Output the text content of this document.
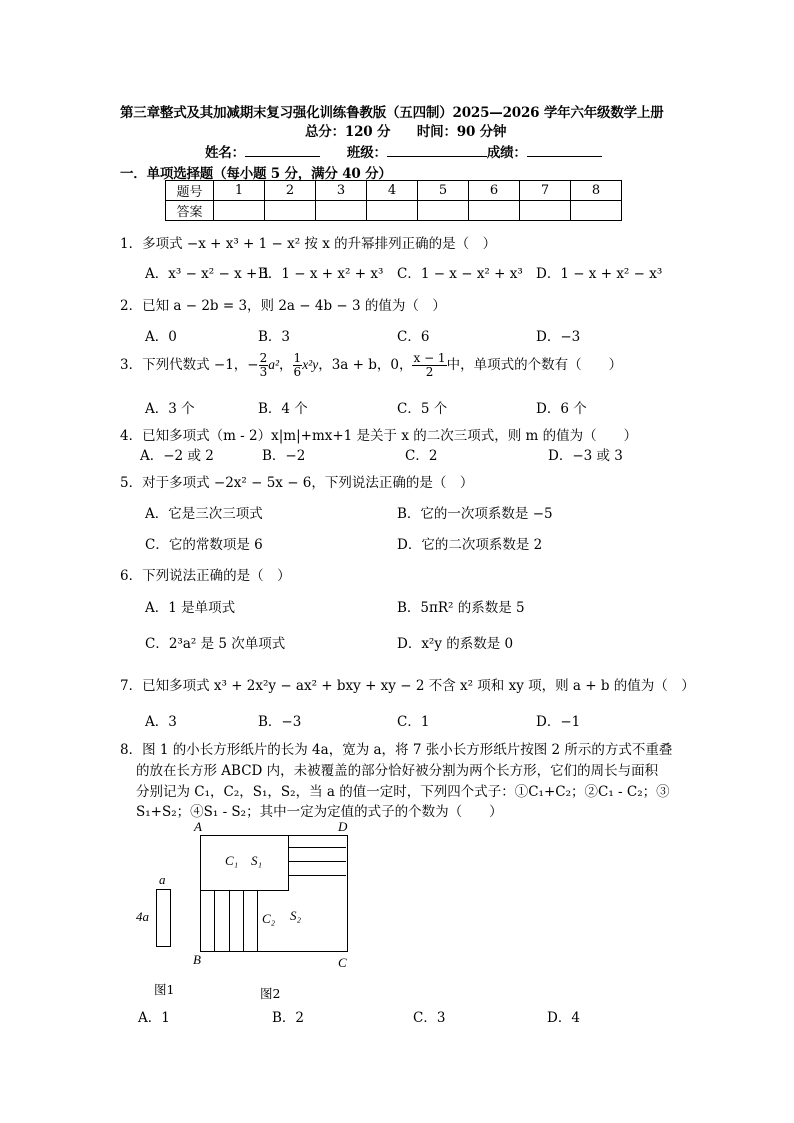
第三章整式及其加减期末复习强化训练鲁教版（五四制）2025—2026 学年六年级数学上册
总分：120 分　　时间：90 分钟
姓名：	班级：	成绩：
一．单项选择题（每小题 5 分，满分 40 分）
题号	1	2	3	4	5	6	7	8
答案								
1．多项式 −x + x³ + 1 − x² 按 x 的升幂排列正确的是（　）
A．x³ − x² − x + 1
B．1 − x + x² + x³ C．1 − x − x² + x³ D．1 − x + x² − x³
2．已知 a − 2b = 3，则 2a − 4b − 3 的值为（　）
A．0	B．3	C．6	D．−3
3．下列代数式 −1，− $\frac{2}{3} a^2$， $\frac{1}{6} x^2y$，3a + b，0， $\frac{x - 1}{2}$ 中，单项式的个数有（　　）
A．3 个	B．4 个	C．5 个	D．6 个
4．已知多项式（m - 2）x|m|+mx+1 是关于 x 的二次三项式，则 m 的值为（　　）
A．−2 或 2	B．−2	C．2	D．−3 或 3
5．对于多项式 −2x² − 5x − 6，下列说法正确的是（　）
A．它是三次三项式	B．它的一次项系数是 −5
C．它的常数项是 6	D．它的二次项系数是 2
6．下列说法正确的是（　）
A．1 是单项式	B．5πR² 的系数是 5
C．2³a² 是 5 次单项式	D．x²y 的系数是 0
7．已知多项式 x³ + 2x²y − ax² + bxy + xy − 2 不含 x² 项和 xy 项，则 a + b 的值为（　）
A．3	B．−3	C．1	D．−1
8．图 1 的小长方形纸片的长为 4a，宽为 a，将 7 张小长方形纸片按图 2 所示的方式不重叠
的放在长方形 ABCD 内，未被覆盖的部分恰好被分割为两个长方形，它们的周长与面积
分别记为 C₁，C₂，S₁，S₂，当 a 的值一定时，下列四个式子：①C₁+C₂；②C₁ - C₂；③
S₁+S₂；④S₁ - S₂；其中一定为定值的式子的个数为（　　）
a
4a
图1
A	D
B	C
C₁ S₁
C₂ S₂
图2
A．1	B．2	C．3	D．4
